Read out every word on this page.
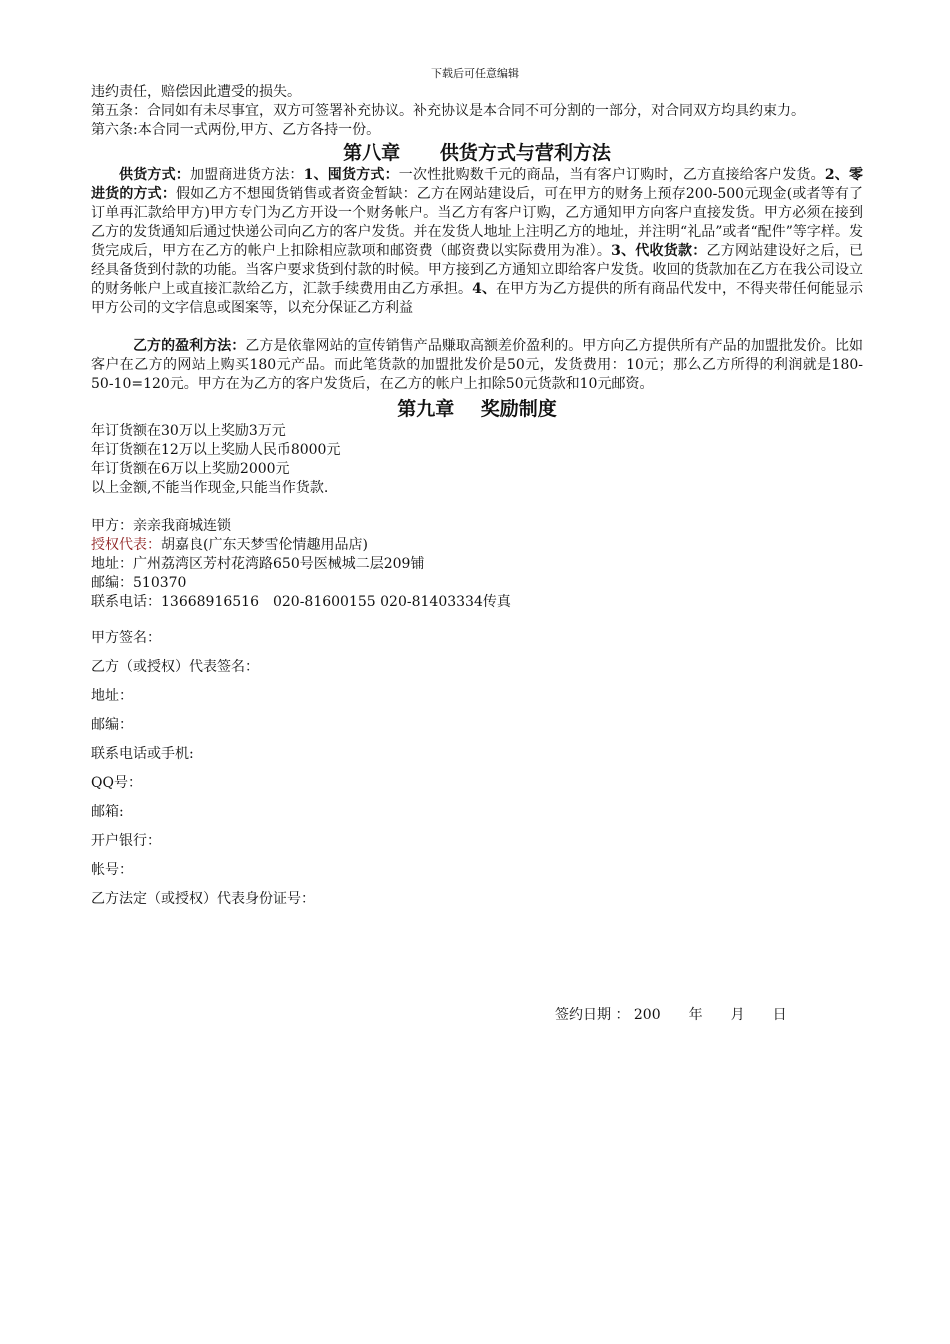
下载后可任意编辑

违约责任，赔偿因此遭受的损失。

第五条：合同如有未尽事宜，双方可签署补充协议。补充协议是本合同不可分割的一部分，对合同双方均具约束力。

第六条:本合同一式两份,甲方、乙方各持一份。

第八章 供货方式与营利方法

供货方式：加盟商进货方法：1、囤货方式：一次性批购数千元的商品，当有客户订购时，乙方直接给客户发货。2、零进货的方式：假如乙方不想囤货销售或者资金暂缺：乙方在网站建设后，可在甲方的财务上预存200-500元现金(或者等有了订单再汇款给甲方)甲方专门为乙方开设一个财务帐户。当乙方有客户订购，乙方通知甲方向客户直接发货。甲方必须在接到乙方的发货通知后通过快递公司向乙方的客户发货。并在发货人地址上注明乙方的地址，并注明“礼品”或者“配件”等字样。发货完成后，甲方在乙方的帐户上扣除相应款项和邮资费（邮资费以实际费用为准）。3、代收货款：乙方网站建设好之后，已经具备货到付款的功能。当客户要求货到付款的时候。甲方接到乙方通知立即给客户发货。收回的货款加在乙方在我公司设立的财务帐户上或直接汇款给乙方，汇款手续费用由乙方承担。4、在甲方为乙方提供的所有商品代发中，不得夹带任何能显示甲方公司的文字信息或图案等，以充分保证乙方利益

乙方的盈利方法：乙方是依靠网站的宣传销售产品赚取高额差价盈利的。甲方向乙方提供所有产品的加盟批发价。比如客户在乙方的网站上购买180元产品。而此笔货款的加盟批发价是50元，发货费用：10元；那么乙方所得的利润就是180-50-10=120元。甲方在为乙方的客户发货后，在乙方的帐户上扣除50元货款和10元邮资。

第九章 奖励制度

年订货额在30万以上奖励3万元

年订货额在12万以上奖励人民币8000元

年订货额在6万以上奖励2000元

以上金额,不能当作现金,只能当作货款.

甲方：亲亲我商城连锁

授权代表：胡嘉良(广东天梦雪伦情趣用品店)

地址：广州荔湾区芳村花湾路650号医械城二层209铺

邮编：510370

联系电话：13668916516　020-81600155 020-81403334传真

甲方签名：

乙方（或授权）代表签名：

地址：

邮编：

联系电话或手机:

QQ号：

邮箱:

开户银行：

帐号：

乙方法定（或授权）代表身份证号：

签约日期 ： 200　　年　　月　　日
